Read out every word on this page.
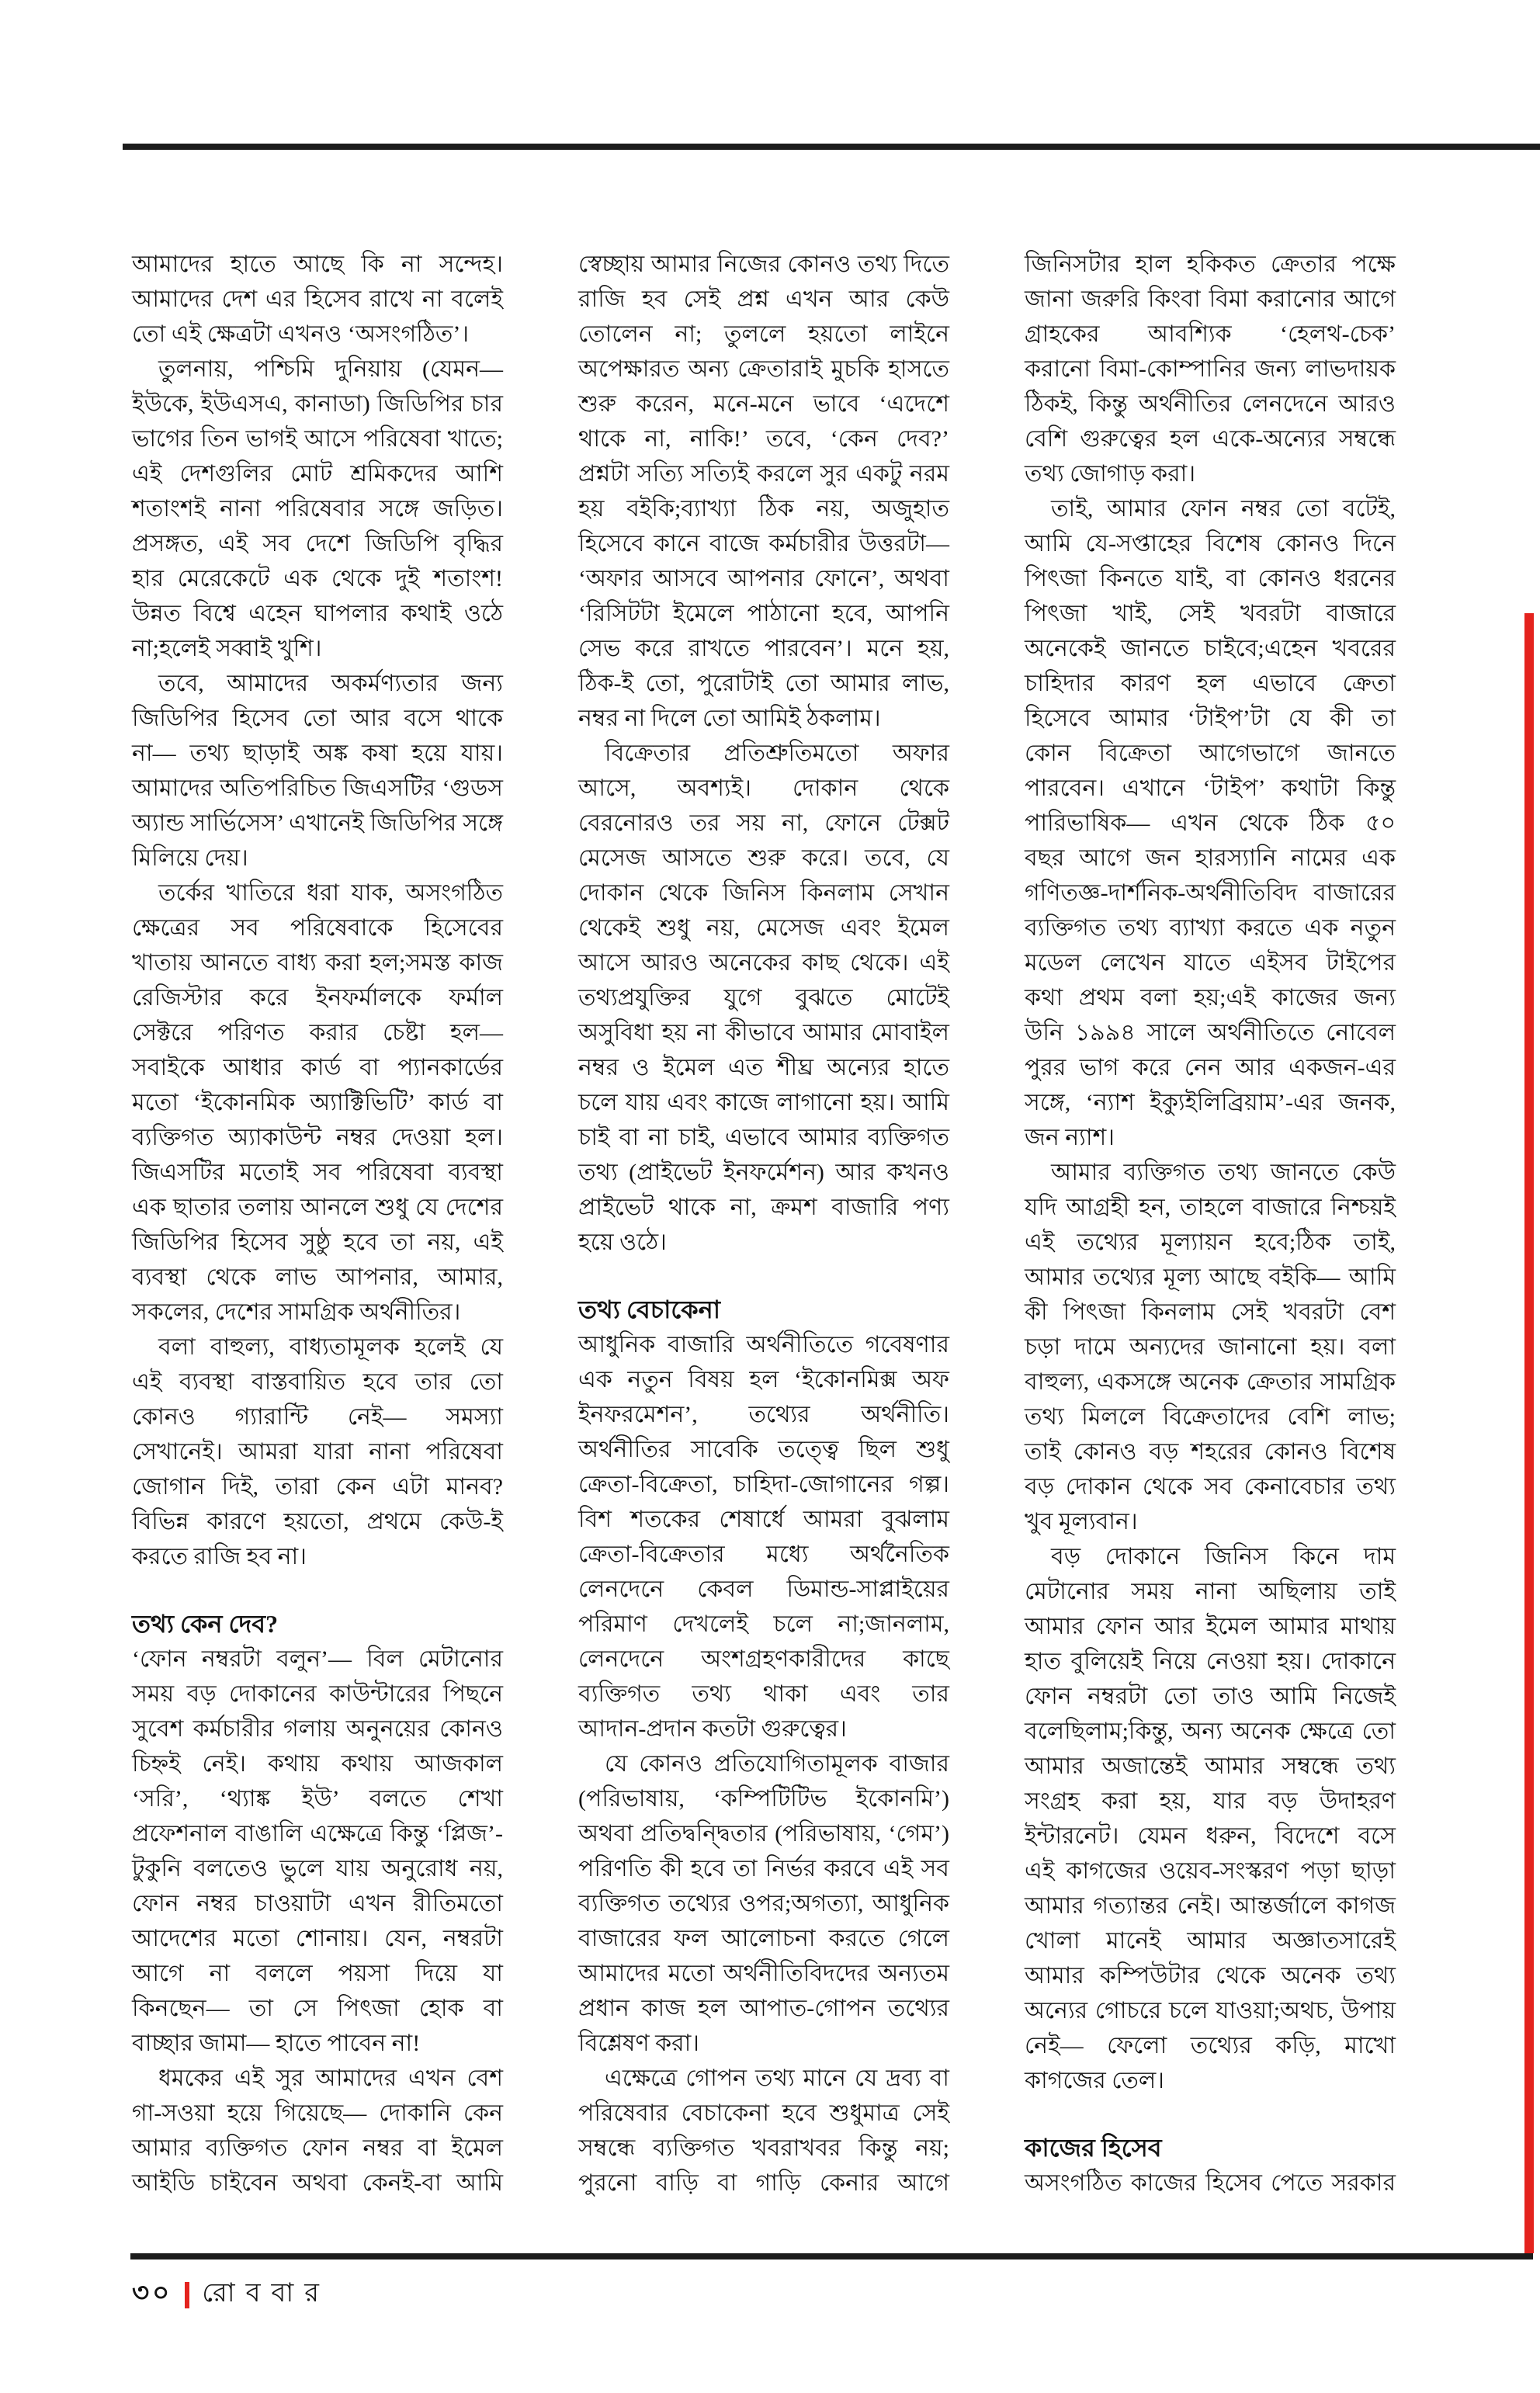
আমাদের হাতে আছে কি না সন্দেহ।
আমাদের দেশ এর হিসেব রাখে না বলেই
তো এই ক্ষেত্রটা এখনও ‘অসংগঠিত’।
তুলনায়, পশ্চিমি দুনিয়ায় (যেমন—
ইউকে, ইউএসএ, কানাডা) জিডিপির চার
ভাগের তিন ভাগই আসে পরিষেবা খাতে;
এই দেশগুলির মোট শ্রমিকদের আশি
শতাংশই নানা পরিষেবার সঙ্গে জড়িত।
প্রসঙ্গত, এই সব দেশে জিডিপি বৃদ্ধির
হার মেরেকেটে এক থেকে দুই শতাংশ!
উন্নত বিশ্বে এহেন ঘাপলার কথাই ওঠে
না;হলেই সব্বাই খুশি।
তবে, আমাদের অকর্মণ্যতার জন্য
জিডিপির হিসেব তো আর বসে থাকে
না— তথ্য ছাড়াই অঙ্ক কষা হয়ে যায়।
আমাদের অতিপরিচিত জিএসটির ‘গুডস
অ্যান্ড সার্ভিসেস’ এখানেই জিডিপির সঙ্গে
মিলিয়ে দেয়।
তর্কের খাতিরে ধরা যাক, অসংগঠিত
ক্ষেত্রের সব পরিষেবাকে হিসেবের
খাতায় আনতে বাধ্য করা হল;সমস্ত কাজ
রেজিস্টার করে ইনফর্মালকে ফর্মাল
সেক্টরে পরিণত করার চেষ্টা হল—
সবাইকে আধার কার্ড বা প্যানকার্ডের
মতো ‘ইকোনমিক অ্যাক্টিভিটি’ কার্ড বা
ব্যক্তিগত অ্যাকাউন্ট নম্বর দেওয়া হল।
জিএসটির মতোই সব পরিষেবা ব্যবস্থা
এক ছাতার তলায় আনলে শুধু যে দেশের
জিডিপির হিসেব সুষ্ঠু হবে তা নয়, এই
ব্যবস্থা থেকে লাভ আপনার, আমার,
সকলের, দেশের সামগ্রিক অর্থনীতির।
বলা বাহুল্য, বাধ্যতামূলক হলেই যে
এই ব্যবস্থা বাস্তবায়িত হবে তার তো
কোনও গ্যারান্টি নেই— সমস্যা
সেখানেই। আমরা যারা নানা পরিষেবা
জোগান দিই, তারা কেন এটা মানব?
বিভিন্ন কারণে হয়তো, প্রথমে কেউ-ই
করতে রাজি হব না।
তথ্য কেন দেব?
‘ফোন নম্বরটা বলুন’— বিল মেটানোর
সময় বড় দোকানের কাউন্টারের পিছনে
সুবেশ কর্মচারীর গলায় অনুনয়ের কোনও
চিহ্নই নেই। কথায় কথায় আজকাল
‘সরি’, ‘থ্যাঙ্ক ইউ’ বলতে শেখা
প্রফেশনাল বাঙালি এক্ষেত্রে কিন্তু ‘প্লিজ’-
টুকুনি বলতেও ভুলে যায় অনুরোধ নয়,
ফোন নম্বর চাওয়াটা এখন রীতিমতো
আদেশের মতো শোনায়। যেন, নম্বরটা
আগে না বললে পয়সা দিয়ে যা
কিনছেন— তা সে পিৎজা হোক বা
বাচ্ছার জামা— হাতে পাবেন না!
ধমকের এই সুর আমাদের এখন বেশ
গা-সওয়া হয়ে গিয়েছে— দোকানি কেন
আমার ব্যক্তিগত ফোন নম্বর বা ইমেল
আইডি চাইবেন অথবা কেনই-বা আমি
স্বেচ্ছায় আমার নিজের কোনও তথ্য দিতে
রাজি হব সেই প্রশ্ন এখন আর কেউ
তোলেন না; তুললে হয়তো লাইনে
অপেক্ষারত অন্য ক্রেতারাই মুচকি হাসতে
শুরু করেন, মনে-মনে ভাবে ‘এদেশে
থাকে না, নাকি!’ তবে, ‘কেন দেব?’
প্রশ্নটা সত্যি সত্যিই করলে সুর একটু নরম
হয় বইকি;ব্যাখ্যা ঠিক নয়, অজুহাত
হিসেবে কানে বাজে কর্মচারীর উত্তরটা—
‘অফার আসবে আপনার ফোনে’, অথবা
‘রিসিটটা ইমেলে পাঠানো হবে, আপনি
সেভ করে রাখতে পারবেন’। মনে হয়,
ঠিক-ই তো, পুরোটাই তো আমার লাভ,
নম্বর না দিলে তো আমিই ঠকলাম।
বিক্রেতার প্রতিশ্রুতিমতো অফার
আসে, অবশ্যই। দোকান থেকে
বেরনোরও তর সয় না, ফোনে টেক্সট
মেসেজ আসতে শুরু করে। তবে, যে
দোকান থেকে জিনিস কিনলাম সেখান
থেকেই শুধু নয়, মেসেজ এবং ইমেল
আসে আরও অনেকের কাছ থেকে। এই
তথ্যপ্রযুক্তির যুগে বুঝতে মোটেই
অসুবিধা হয় না কীভাবে আমার মোবাইল
নম্বর ও ইমেল এত শীঘ্র অন্যের হাতে
চলে যায় এবং কাজে লাগানো হয়। আমি
চাই বা না চাই, এভাবে আমার ব্যক্তিগত
তথ্য (প্রাইভেট ইনফর্মেশন) আর কখনও
প্রাইভেট থাকে না, ক্রমশ বাজারি পণ্য
হয়ে ওঠে।
তথ্য বেচাকেনা
আধুনিক বাজারি অর্থনীতিতে গবেষণার
এক নতুন বিষয় হল ‘ইকোনমিক্স অফ
ইনফরমেশন’, তথ্যের অর্থনীতি।
অর্থনীতির সাবেকি তত্ত্বে ছিল শুধু
ক্রেতা-বিক্রেতা, চাহিদা-জোগানের গল্প।
বিশ শতকের শেষার্ধে আমরা বুঝলাম
ক্রেতা-বিক্রেতার মধ্যে অর্থনৈতিক
লেনদেনে কেবল ডিমান্ড-সাপ্লাইয়ের
পরিমাণ দেখলেই চলে না;জানলাম,
লেনদেনে অংশগ্রহণকারীদের কাছে
ব্যক্তিগত তথ্য থাকা এবং তার
আদান-প্রদান কতটা গুরুত্বের।
যে কোনও প্রতিযোগিতামূলক বাজার
(পরিভাষায়, ‘কম্পিটিটিভ ইকোনমি’)
অথবা প্রতিদ্বন্দ্বিতার (পরিভাষায়, ‘গেম’)
পরিণতি কী হবে তা নির্ভর করবে এই সব
ব্যক্তিগত তথ্যের ওপর;অগত্যা, আধুনিক
বাজারের ফল আলোচনা করতে গেলে
আমাদের মতো অর্থনীতিবিদদের অন্যতম
প্রধান কাজ হল আপাত-গোপন তথ্যের
বিশ্লেষণ করা।
এক্ষেত্রে গোপন তথ্য মানে যে দ্রব্য বা
পরিষেবার বেচাকেনা হবে শুধুমাত্র সেই
সম্বন্ধে ব্যক্তিগত খবরাখবর কিন্তু নয়;
পুরনো বাড়ি বা গাড়ি কেনার আগে
জিনিসটার হাল হকিকত ক্রেতার পক্ষে
জানা জরুরি কিংবা বিমা করানোর আগে
গ্রাহকের আবশ্যিক ‘হেলথ-চেক’
করানো বিমা-কোম্পানির জন্য লাভদায়ক
ঠিকই, কিন্তু অর্থনীতির লেনদেনে আরও
বেশি গুরুত্বের হল একে-অন্যের সম্বন্ধে
তথ্য জোগাড় করা।
তাই, আমার ফোন নম্বর তো বটেই,
আমি যে-সপ্তাহের বিশেষ কোনও দিনে
পিৎজা কিনতে যাই, বা কোনও ধরনের
পিৎজা খাই, সেই খবরটা বাজারে
অনেকেই জানতে চাইবে;এহেন খবরের
চাহিদার কারণ হল এভাবে ক্রেতা
হিসেবে আমার ‘টাইপ’টা যে কী তা
কোন বিক্রেতা আগেভাগে জানতে
পারবেন। এখানে ‘টাইপ’ কথাটা কিন্তু
পারিভাষিক— এখন থেকে ঠিক ৫০
বছর আগে জন হারস্যানি নামের এক
গণিতজ্ঞ-দার্শনিক-অর্থনীতিবিদ বাজারের
ব্যক্তিগত তথ্য ব্যাখ্যা করতে এক নতুন
মডেল লেখেন যাতে এইসব টাইপের
কথা প্রথম বলা হয়;এই কাজের জন্য
উনি ১৯৯৪ সালে অর্থনীতিতে নোবেল
পুরর ভাগ করে নেন আর একজন-এর
সঙ্গে, ‘ন্যাশ ইক্যুইলিব্রিয়াম’-এর জনক,
জন ন্যাশ।
আমার ব্যক্তিগত তথ্য জানতে কেউ
যদি আগ্রহী হন, তাহলে বাজারে নিশ্চয়ই
এই তথ্যের মূল্যায়ন হবে;ঠিক তাই,
আমার তথ্যের মূল্য আছে বইকি— আমি
কী পিৎজা কিনলাম সেই খবরটা বেশ
চড়া দামে অন্যদের জানানো হয়। বলা
বাহুল্য, একসঙ্গে অনেক ক্রেতার সামগ্রিক
তথ্য মিললে বিক্রেতাদের বেশি লাভ;
তাই কোনও বড় শহরের কোনও বিশেষ
বড় দোকান থেকে সব কেনাবেচার তথ্য
খুব মূল্যবান।
বড় দোকানে জিনিস কিনে দাম
মেটানোর সময় নানা অছিলায় তাই
আমার ফোন আর ইমেল আমার মাথায়
হাত বুলিয়েই নিয়ে নেওয়া হয়। দোকানে
ফোন নম্বরটা তো তাও আমি নিজেই
বলেছিলাম;কিন্তু, অন্য অনেক ক্ষেত্রে তো
আমার অজান্তেই আমার সম্বন্ধে তথ্য
সংগ্রহ করা হয়, যার বড় উদাহরণ
ইন্টারনেট। যেমন ধরুন, বিদেশে বসে
এই কাগজের ওয়েব-সংস্করণ পড়া ছাড়া
আমার গত্যান্তর নেই। আন্তর্জালে কাগজ
খোলা মানেই আমার অজ্ঞাতসারেই
আমার কম্পিউটার থেকে অনেক তথ্য
অন্যের গোচরে চলে যাওয়া;অথচ, উপায়
নেই— ফেলো তথ্যের কড়ি, মাখো
কাগজের তেল।
কাজের হিসেব
অসংগঠিত কাজের হিসেব পেতে সরকার
৩০ রোববার
